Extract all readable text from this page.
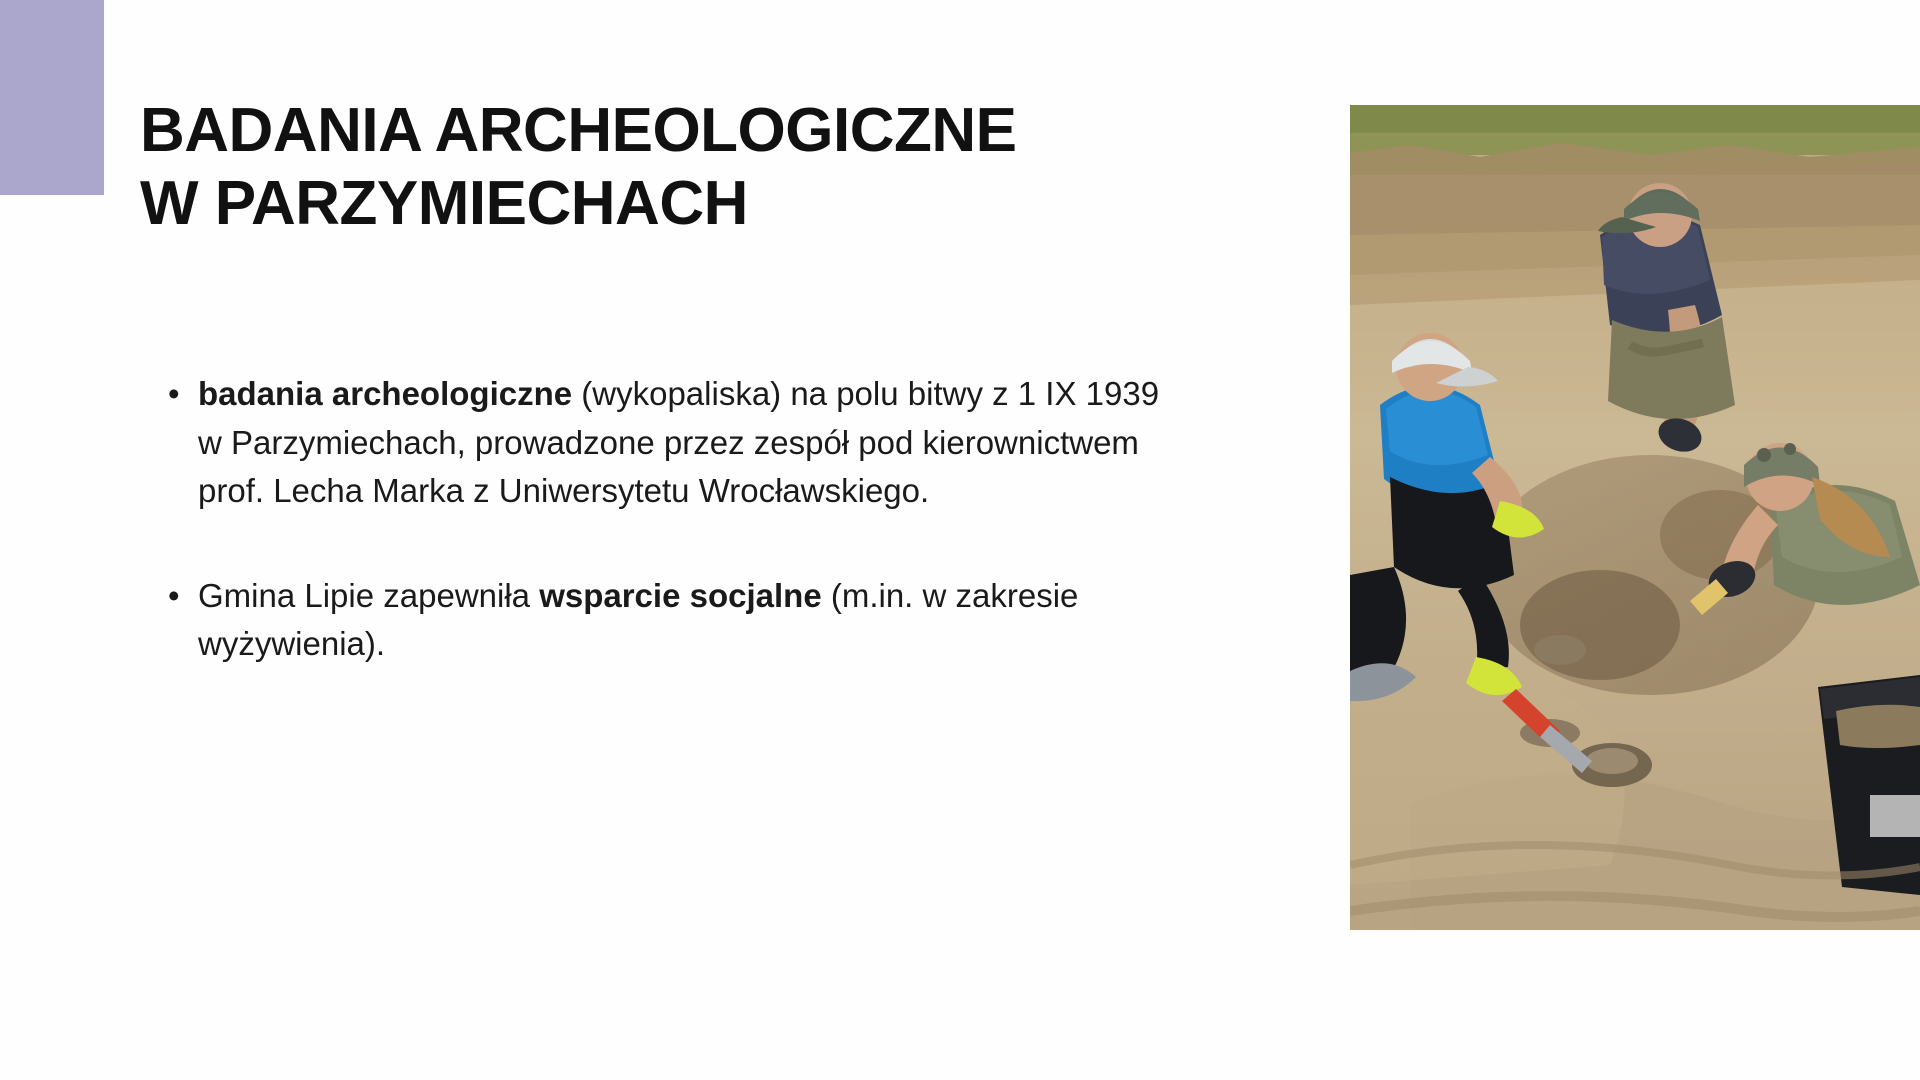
BADANIA ARCHEOLOGICZNE
W PARZYMIECHACH
• badania archeologiczne (wykopaliska) na polu bitwy z 1 IX 1939 w Parzymiechach, prowadzone przez zespół pod kierownictwem prof. Lecha Marka z Uniwersytetu Wrocławskiego.
• Gmina Lipie zapewniła wsparcie socjalne (m.in. w zakresie wyżywienia).
